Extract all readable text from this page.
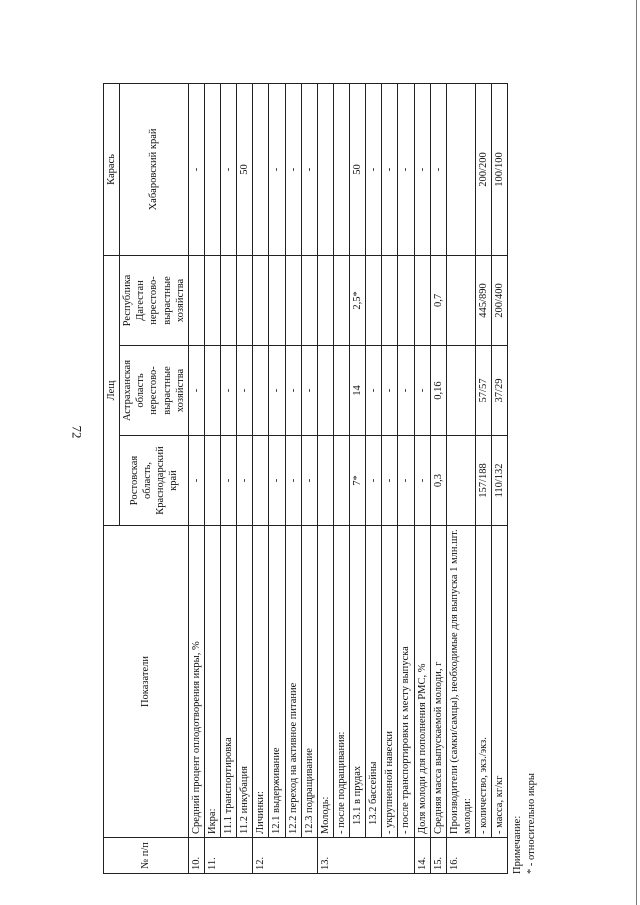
72
№ п/п	Показатели	Лещ			Карась
		Ростовская область, Краснодарский край	Астраханская область нерестово-вырастные хозяйства	Республика Дагестан нерестово-вырастные хозяйства	Хабаровский край
10.	Средний процент оплодотворения икры, %	-	-		-
11.	Икра:				
	11.1 транспортировка	-	-		-
	11.2 инкубация	-	-		50
12.	Личинки:				
	12.1 выдерживание	-	-		-
	12.2 переход на активное питание	-	-		-
	12.3 подращивание	-	-		-
13.	Молодь:				
	- после подращивания:				
	13.1 в прудах	7*	14	2,5*	50
	13.2 бассейны	-	-		-
	- укрупненной навески	-	-		-
	- после транспортировки к месту выпуска	-	-		-
14.	Доля молоди для пополнения РМС, %	-	-		-
15.	Средняя масса выпускаемой молоди, г	0,3	0,16	0,7	-
16.	Производители (самки/самцы), необходимые для выпуска 1 млн.шт. молоди:				
	- количество, экз./экз.	157/188	57/57	445/890	200/200
	- масса, кг/кг	110/132	37/29	200/400	100/100
Примечание: * - относительно икры
